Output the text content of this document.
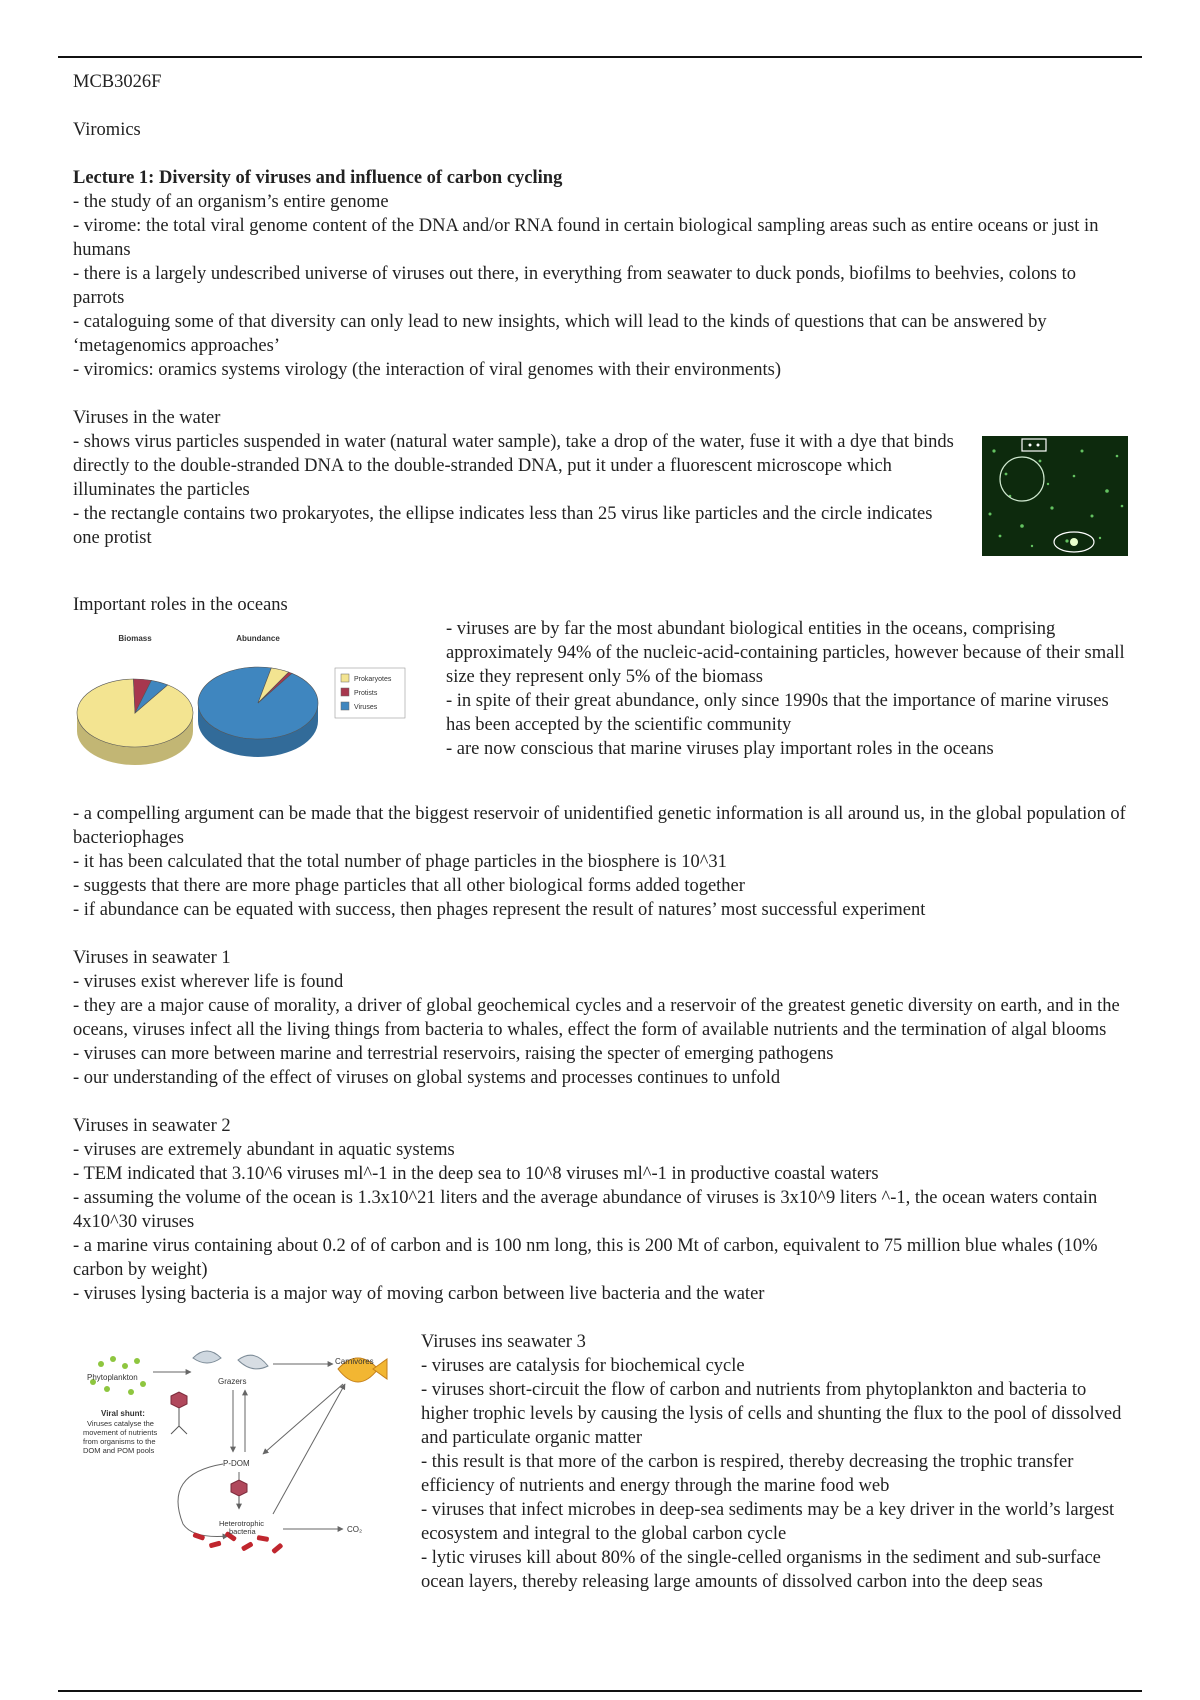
MCB3026F

Viromics

Lecture 1: Diversity of viruses and influence of carbon cycling

- the study of an organism’s entire genome

- virome: the total viral genome content of the DNA and/or RNA found in certain biological sampling areas such as entire oceans or just in humans

- there is a largely undescribed universe of viruses out there, in everything from seawater to duck ponds, biofilms to beehvies, colons to parrots

- cataloguing some of that diversity can only lead to new insights, which will lead to the kinds of questions that can be answered by ‘metagenomics approaches’

- viromics: oramics systems virology (the interaction of viral genomes with their environments)

Viruses in the water

- shows virus particles suspended in water (natural water sample), take a drop of the water, fuse it with a dye that binds directly to the double-stranded DNA to the double-stranded DNA, put it under a fluorescent microscope which illuminates the particles

- the rectangle contains two prokaryotes, the ellipse indicates less than 25 virus like particles and the circle indicates one protist

Important roles in the oceans

Biomass	Abundance
Prokaryotes
Protists
Viruses

- viruses are by far the most abundant biological entities in the oceans, comprising approximately 94% of the nucleic-acid-containing particles, however because of their small size they represent only 5% of the biomass

- in spite of their great abundance, only since 1990s that the importance of marine viruses has been accepted by the scientific community

- are now conscious that marine viruses play important roles in the oceans

- a compelling argument can be made that the biggest reservoir of unidentified genetic information is all around us, in the global population of bacteriophages

- it has been calculated that the total number of phage particles in the biosphere is 10^31

- suggests that there are more phage particles that all other biological forms added together

- if abundance can be equated with success, then phages represent the result of natures’ most successful experiment

Viruses in seawater 1

- viruses exist wherever life is found

- they are a major cause of morality, a driver of global geochemical cycles and a reservoir of the greatest genetic diversity on earth, and in the oceans, viruses infect all the living things from bacteria to whales, effect the form of available nutrients and the termination of algal blooms

- viruses can more between marine and terrestrial reservoirs, raising the specter of emerging pathogens

- our understanding of the effect of viruses on global systems and processes continues to unfold

Viruses in seawater 2

- viruses are extremely abundant in aquatic systems

- TEM indicated that 3.10^6 viruses ml^-1 in the deep sea to 10^8 viruses ml^-1 in productive coastal waters

- assuming the volume of the ocean is 1.3x10^21 liters and the average abundance of viruses is 3x10^9 liters ^-1, the ocean waters contain 4x10^30 viruses

- a marine virus containing about 0.2 of of carbon and is 100 nm long, this is 200 Mt of carbon, equivalent to 75 million blue whales (10% carbon by weight)

- viruses lysing bacteria is a major way of moving carbon between live bacteria and the water

Phytoplankton	Grazers
Carnivores
P-DOM
Viral shunt:
Viruses catalyse the
movement of nutrients
from organisms to the
DOM and POM pools
Heterotrophic
bacteria	CO₂

Viruses ins seawater 3

- viruses are catalysis for biochemical cycle

- viruses short-circuit the flow of carbon and nutrients from phytoplankton and bacteria to higher trophic levels by causing the lysis of cells and shunting the flux to the pool of dissolved and particulate organic matter

- this result is that more of the carbon is respired, thereby decreasing the trophic transfer efficiency of nutrients and energy through the marine food web

- viruses that infect microbes in deep-sea sediments may be a key driver in the world’s largest ecosystem and integral to the global carbon cycle

- lytic viruses kill about 80% of the single-celled organisms in the sediment and sub-surface ocean layers, thereby releasing large amounts of dissolved carbon into the deep seas
